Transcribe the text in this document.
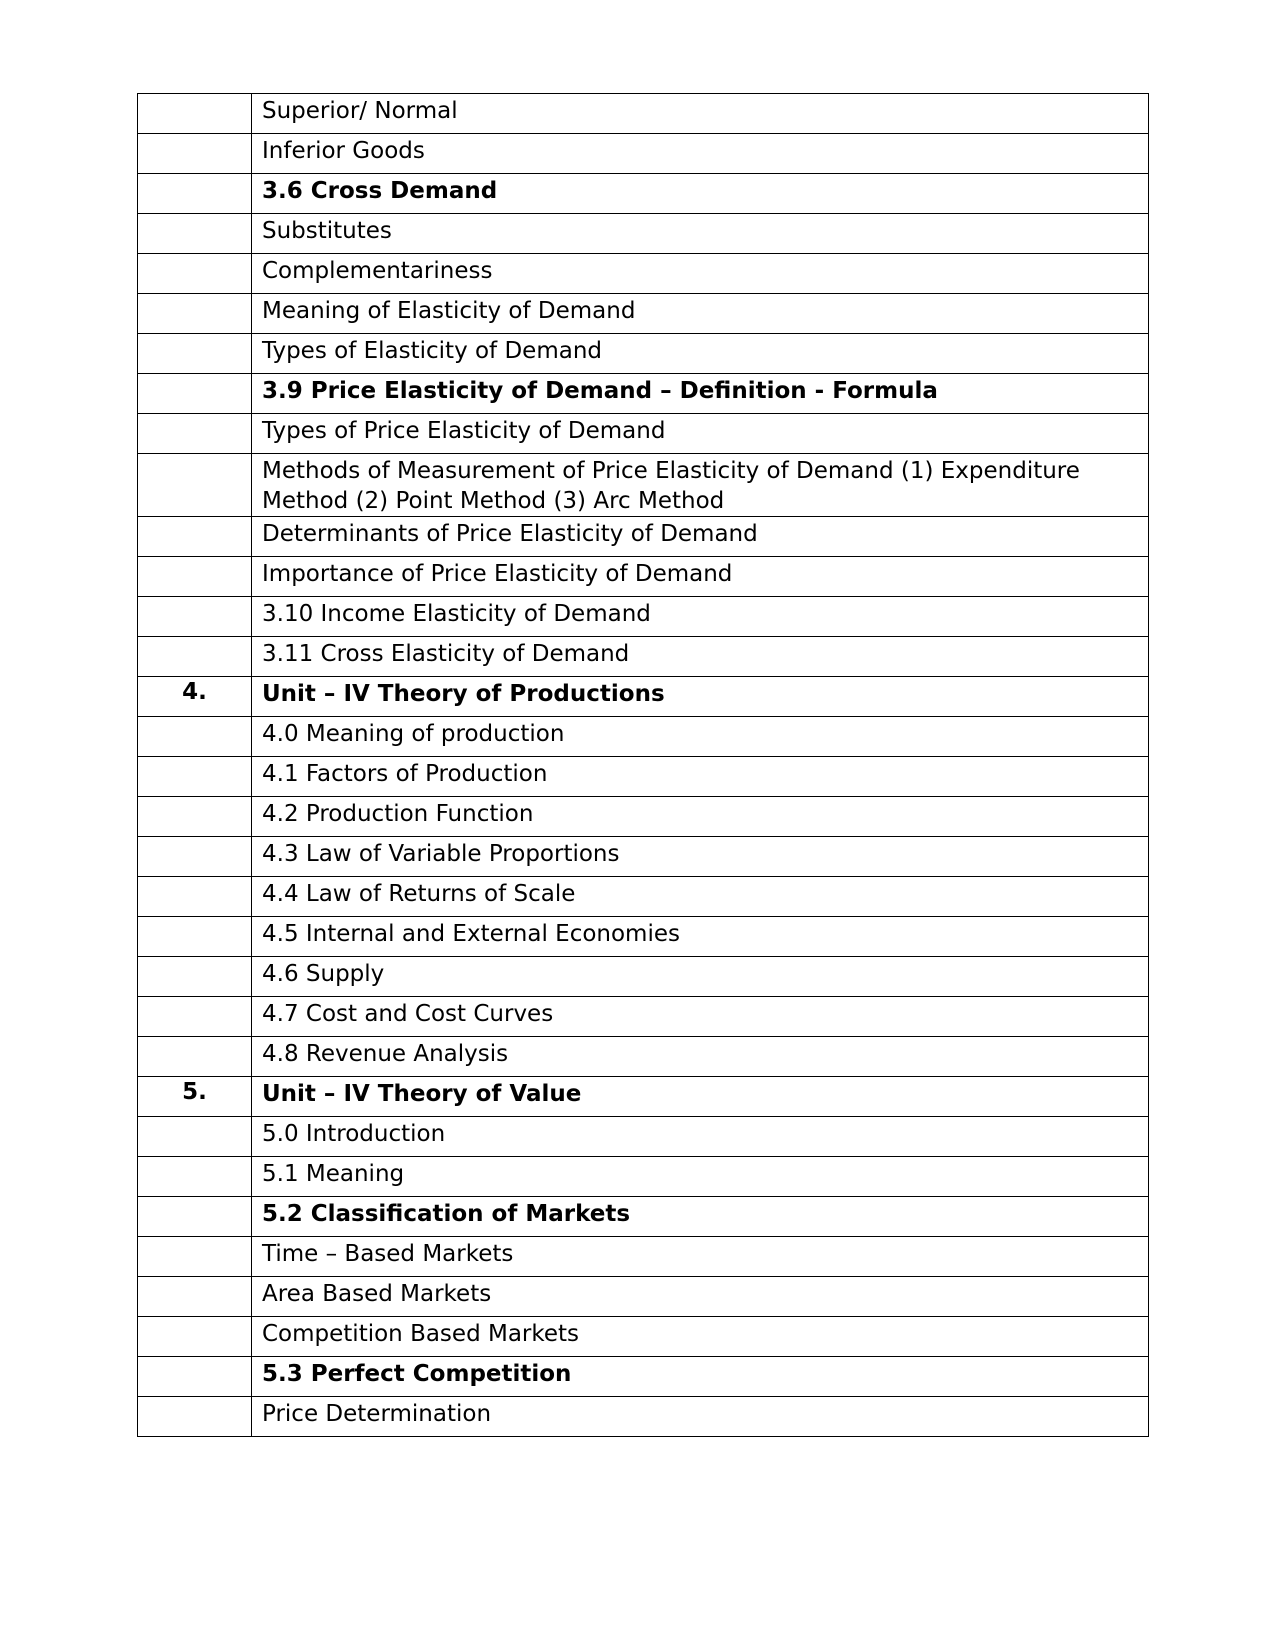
	Superior/ Normal
	Inferior Goods
	3.6 Cross Demand
	Substitutes
	Complementariness
	Meaning of Elasticity of Demand
	Types of Elasticity of Demand
	3.9 Price Elasticity of Demand – Definition - Formula
	Types of Price Elasticity of Demand
	Methods of Measurement of Price Elasticity of Demand (1) Expenditure Method (2) Point Method (3) Arc Method
	Determinants of Price Elasticity of Demand
	Importance of Price Elasticity of Demand
	3.10 Income Elasticity of Demand
	3.11 Cross Elasticity of Demand
4.	Unit – IV Theory of Productions
	4.0 Meaning of production
	4.1 Factors of Production
	4.2 Production Function
	4.3 Law of Variable Proportions
	4.4 Law of Returns of Scale
	4.5 Internal and External Economies
	4.6 Supply
	4.7 Cost and Cost Curves
	4.8 Revenue Analysis
5.	Unit – IV Theory of Value
	5.0 Introduction
	5.1 Meaning
	5.2 Classification of Markets
	Time – Based Markets
	Area Based Markets
	Competition Based Markets
	5.3 Perfect Competition
	Price Determination
